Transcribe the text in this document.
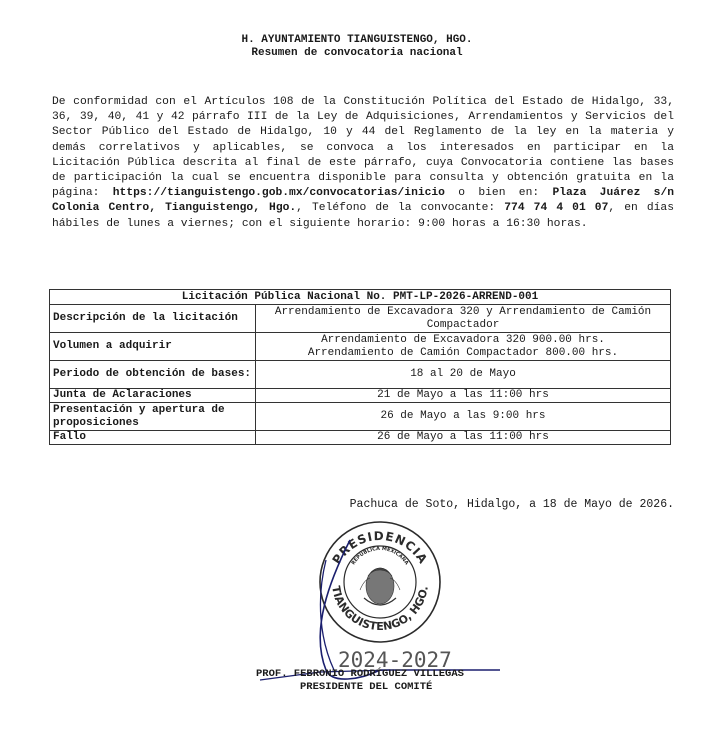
H. AYUNTAMIENTO TIANGUISTENGO, HGO.
Resumen de convocatoria nacional
De conformidad con el Artículos 108 de la Constitución Política del Estado de Hidalgo, 33, 36, 39, 40, 41 y 42 párrafo III de la Ley de Adquisiciones, Arrendamientos y Servicios del Sector Público del Estado de Hidalgo, 10 y 44 del Reglamento de la ley en la materia y demás correlativos y aplicables, se convoca a los interesados en participar en la Licitación Pública descrita al final de este párrafo, cuya Convocatoria contiene las bases de participación la cual se encuentra disponible para consulta y obtención gratuita en la página: https://tianguistengo.gob.mx/convocatorias/inicio o bien en: Plaza Juárez s/n Colonia Centro, Tianguistengo, Hgo., Teléfono de la convocante: 774 74 4 01 07, en días hábiles de lunes a viernes; con el siguiente horario: 9:00 horas a 16:30 horas.
Licitación Pública Nacional No. PMT-LP-2026-ARREND-001	
Descripción de la licitación	Arrendamiento de Excavadora 320 y Arrendamiento de Camión Compactador
Volumen a adquirir	Arrendamiento de Excavadora 320 900.00 hrs.
Arrendamiento de Camión Compactador 800.00 hrs.

Periodo de obtención de bases:	18 al 20 de Mayo
Junta de Aclaraciones	21 de Mayo a las 11:00 hrs
Presentación y apertura de proposiciones	26 de Mayo a las 9:00 hrs
Fallo	26 de Mayo a las 11:00 hrs
Pachuca de Soto, Hidalgo, a 18 de Mayo de 2026.
PRESIDENCIA
REPÚBLICA MEXICANA
TIANGUISTENGO, HGO.
2024-2027
PROF. FEBRONIO RODRÍGUEZ VILLEGAS
PRESIDENTE DEL COMITÉ
